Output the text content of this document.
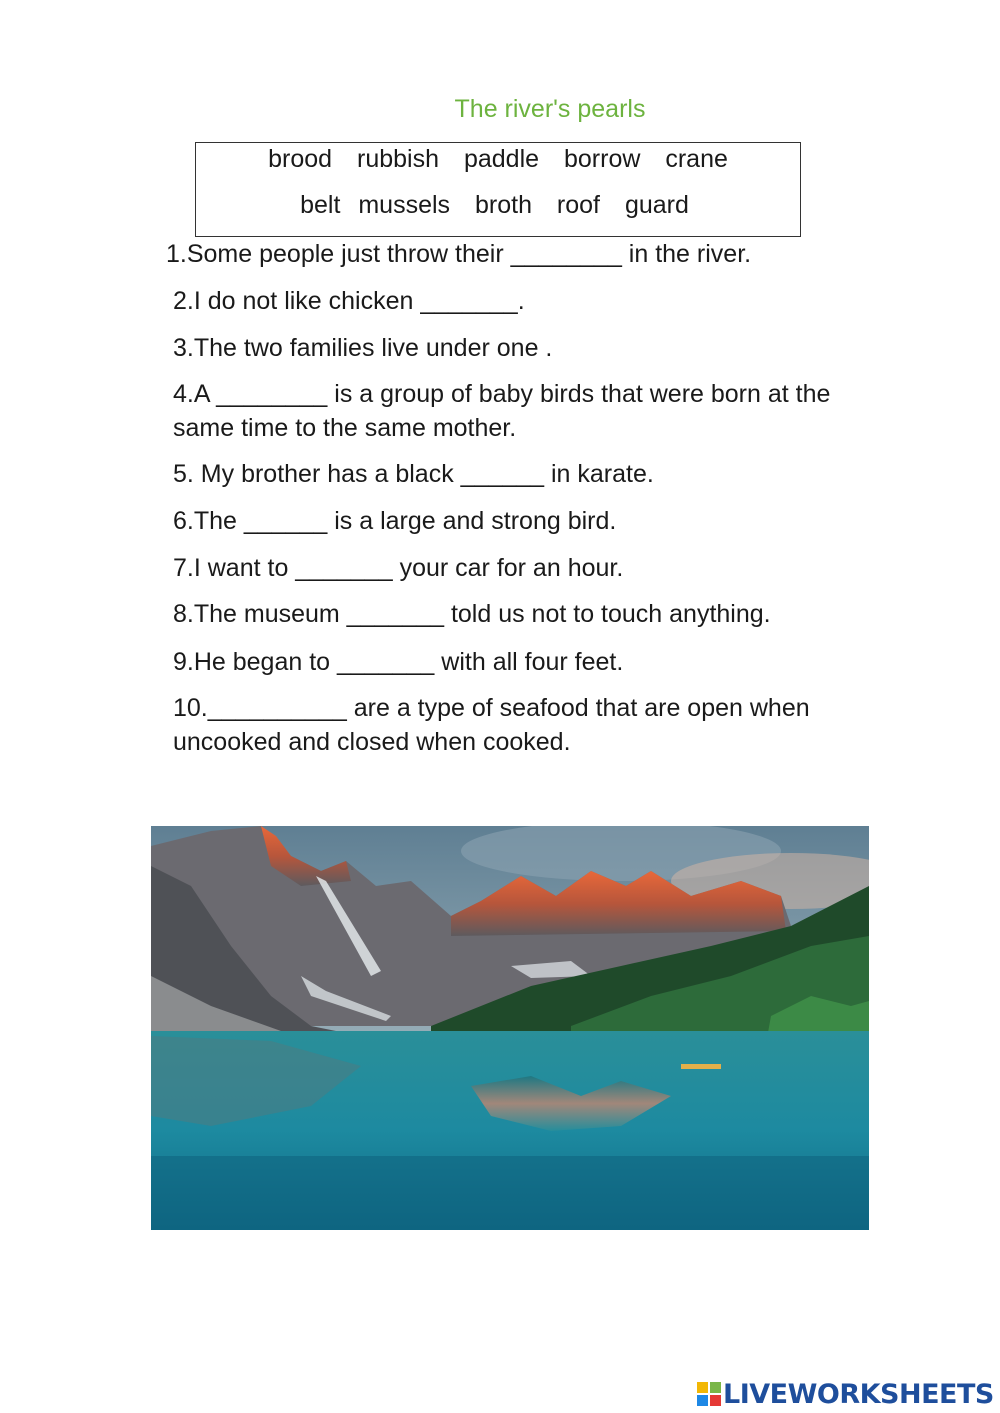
The river's pearls
brood rubbish paddle borrow crane
belt mussels broth roof guard
1.Some people just throw their ________ in the river.
2.I do not like chicken _______.
3.The two families live under one .
4.A ________ is a group of baby birds that were born at the same time to the same mother.
5. My brother has a black ______ in karate.
6.The ______ is a large and strong bird.
7.I want to _______ your car for an hour.
8.The museum _______ told us not to touch anything.
9.He began to _______ with all four feet.
10.__________ are a type of seafood that are open when uncooked and closed when cooked.
LIVEWORKSHEETS
